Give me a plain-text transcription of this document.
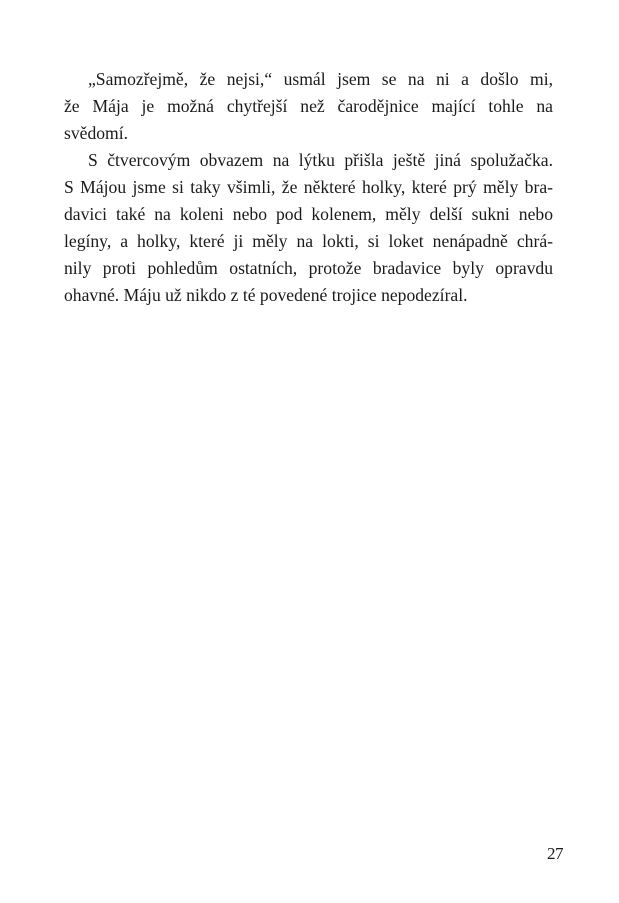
„Samozřejmě, že nejsi,“ usmál jsem se na ni a došlo mi,
že Mája je možná chytřejší než čarodějnice mající tohle na
svědomí.
S čtvercovým obvazem na lýtku přišla ještě jiná spolužačka.
S Májou jsme si taky všimli, že některé holky, které prý měly bra-
davici také na koleni nebo pod kolenem, měly delší sukni nebo
legíny, a holky, které ji měly na lokti, si loket nenápadně chrá-
nily proti pohledům ostatních, protože bradavice byly opravdu
ohavné. Máju už nikdo z té povedené trojice nepodezíral.
27
